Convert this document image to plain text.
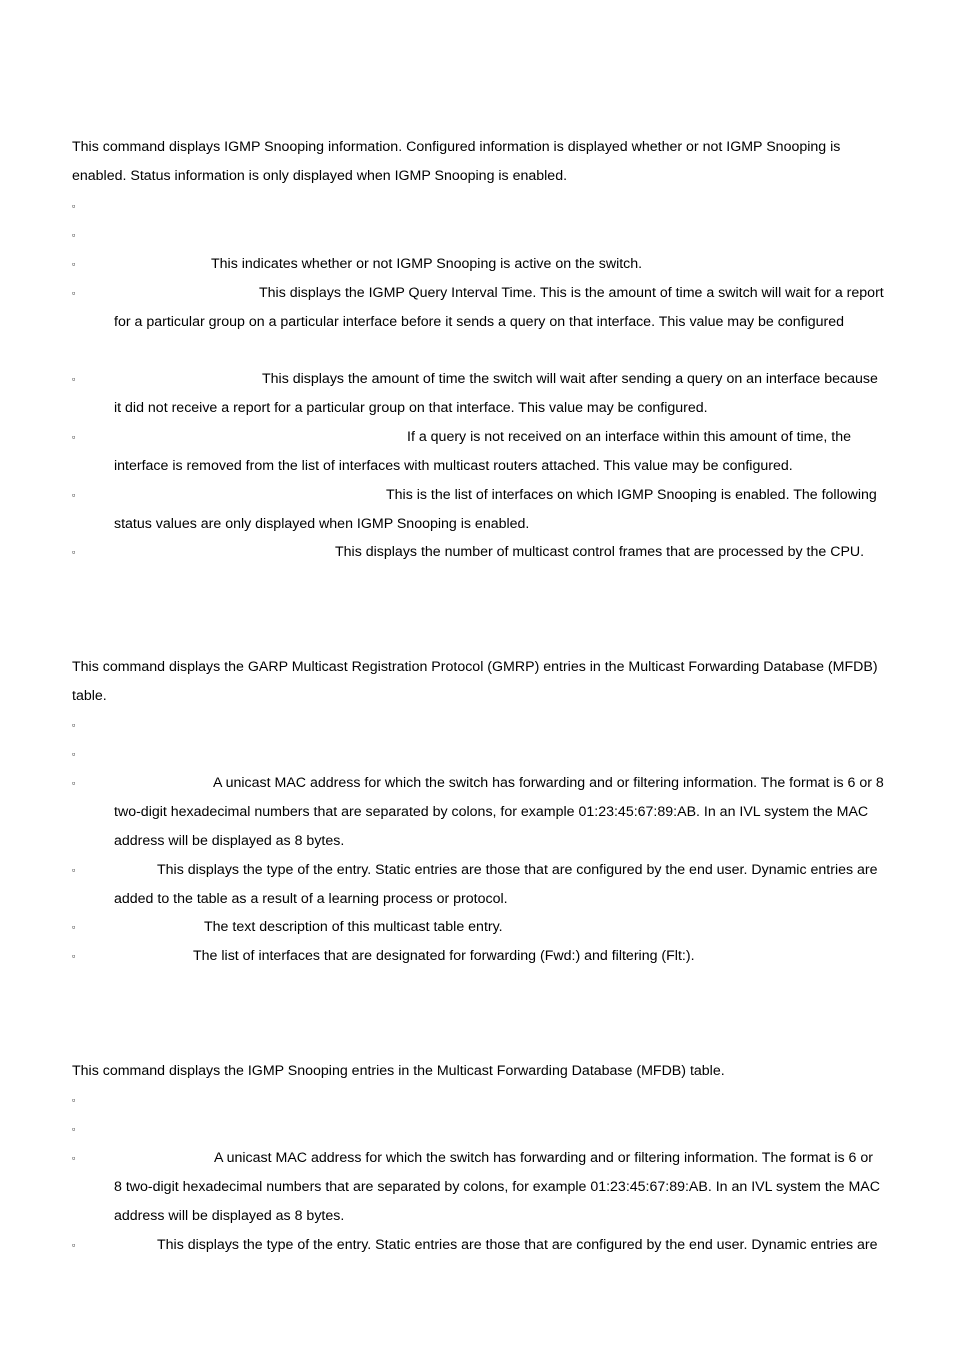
This command displays IGMP Snooping information. Configured information is displayed whether or not IGMP Snooping is enabled. Status information is only displayed when IGMP Snooping is enabled.

▫
▫
▫	This indicates whether or not IGMP Snooping is active on the switch.
▫	This displays the IGMP Query Interval Time. This is the amount of time a switch will wait for a report for a particular group on a particular interface before it sends a query on that interface. This value may be configured
▫	This displays the amount of time the switch will wait after sending a query on an interface because it did not receive a report for a particular group on that interface. This value may be configured.
▫	If a query is not received on an interface within this amount of time, the interface is removed from the list of interfaces with multicast routers attached. This value may be configured.
▫	This is the list of interfaces on which IGMP Snooping is enabled. The following status values are only displayed when IGMP Snooping is enabled.
▫	This displays the number of multicast control frames that are processed by the CPU.

This command displays the GARP Multicast Registration Protocol (GMRP) entries in the Multicast Forwarding Database (MFDB) table.

▫
▫
▫	A unicast MAC address for which the switch has forwarding and or filtering information. The format is 6 or 8 two-digit hexadecimal numbers that are separated by colons, for example 01:23:45:67:89:AB. In an IVL system the MAC address will be displayed as 8 bytes.
▫	This displays the type of the entry. Static entries are those that are configured by the end user. Dynamic entries are added to the table as a result of a learning process or protocol.
▫	The text description of this multicast table entry.
▫	The list of interfaces that are designated for forwarding (Fwd:) and filtering (Flt:).

This command displays the IGMP Snooping entries in the Multicast Forwarding Database (MFDB) table.

▫
▫
▫	A unicast MAC address for which the switch has forwarding and or filtering information. The format is 6 or 8 two-digit hexadecimal numbers that are separated by colons, for example 01:23:45:67:89:AB. In an IVL system the MAC address will be displayed as 8 bytes.
▫	This displays the type of the entry. Static entries are those that are configured by the end user. Dynamic entries are
